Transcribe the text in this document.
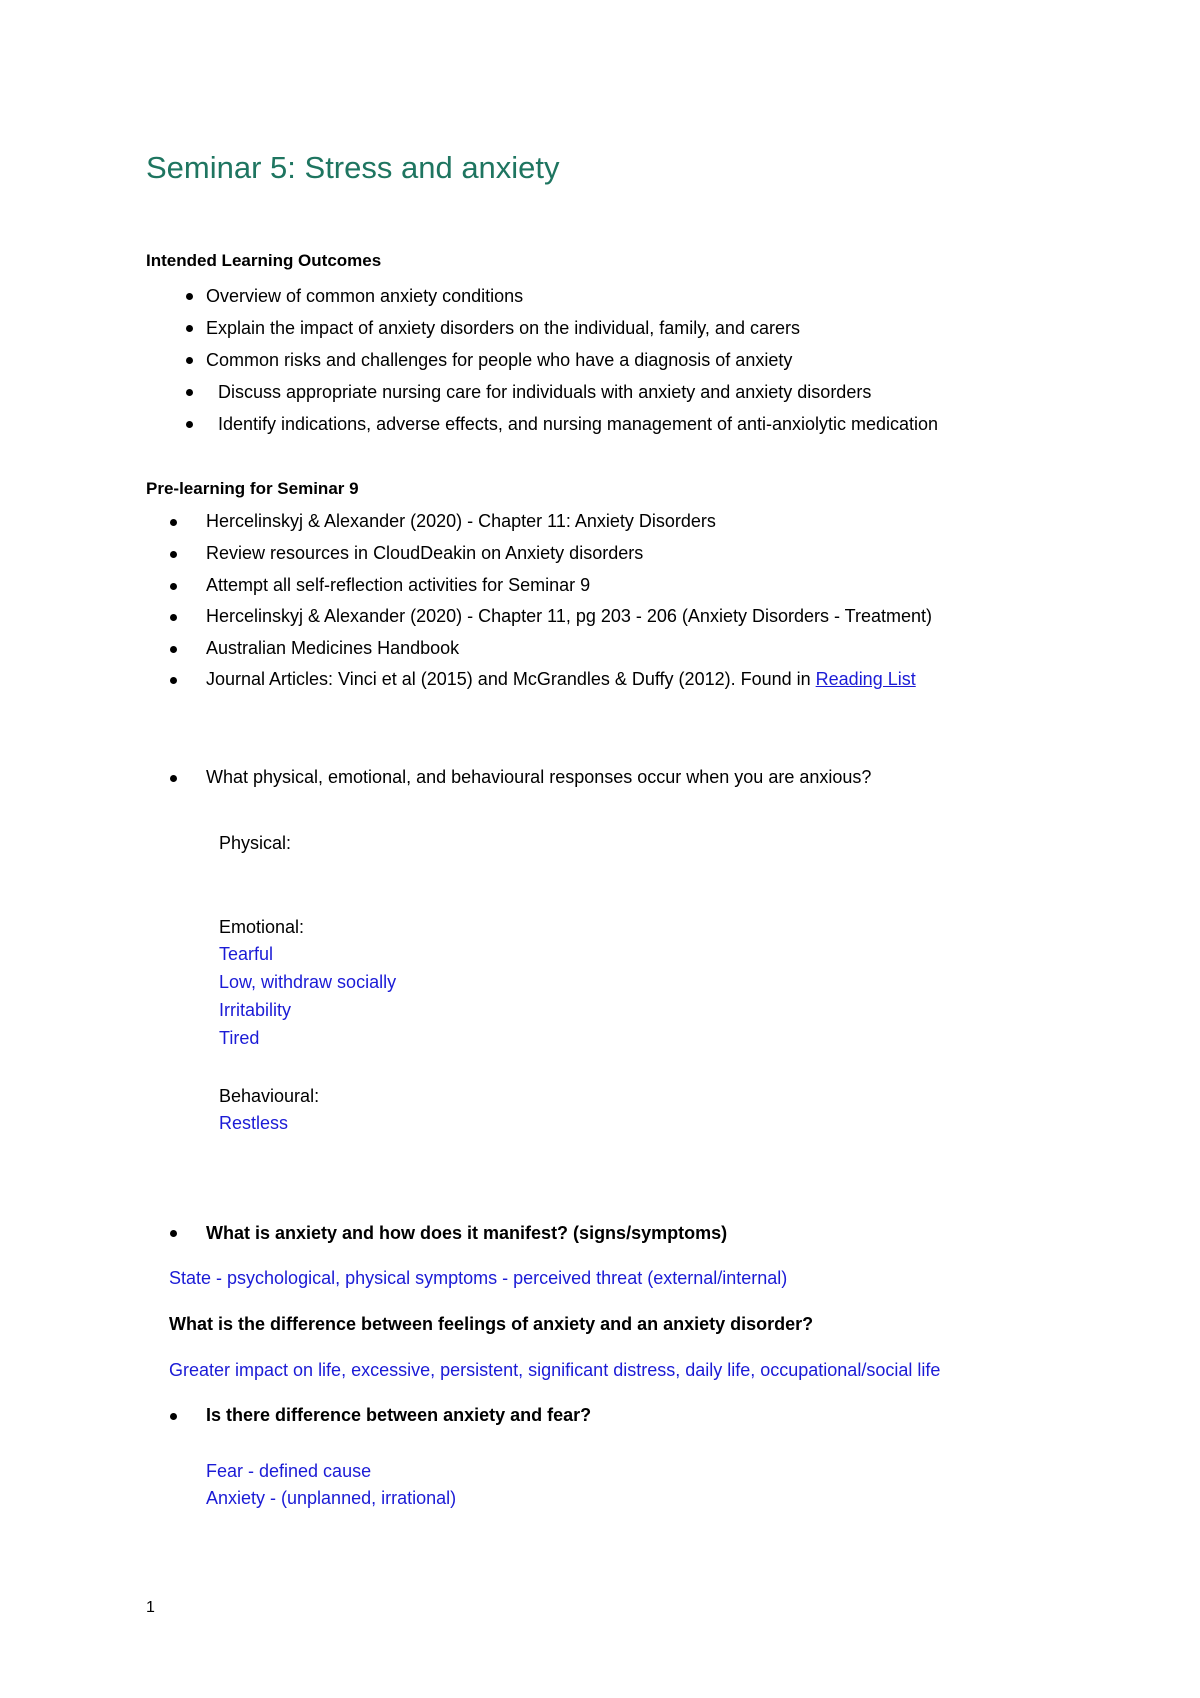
Seminar 5: Stress and anxiety
Intended Learning Outcomes
Overview of common anxiety conditions
Explain the impact of anxiety disorders on the individual, family, and carers
Common risks and challenges for people who have a diagnosis of anxiety
Discuss appropriate nursing care for individuals with anxiety and anxiety disorders
Identify indications, adverse effects, and nursing management of anti-anxiolytic medication
Pre-learning for Seminar 9
Hercelinskyj & Alexander (2020) - Chapter 11: Anxiety Disorders
Review resources in CloudDeakin on Anxiety disorders
Attempt all self-reflection activities for Seminar 9
Hercelinskyj & Alexander (2020) - Chapter 11, pg 203 - 206 (Anxiety Disorders - Treatment)
Australian Medicines Handbook
Journal Articles: Vinci et al (2015) and McGrandles & Duffy (2012). Found in Reading List
What physical, emotional, and behavioural responses occur when you are anxious?
Physical:
Emotional:
Tearful
Low, withdraw socially
Irritability
Tired
Behavioural:
Restless
What is anxiety and how does it manifest? (signs/symptoms)
State - psychological, physical symptoms - perceived threat (external/internal)
What is the difference between feelings of anxiety and an anxiety disorder?
Greater impact on life, excessive, persistent, significant distress, daily life, occupational/social life
Is there difference between anxiety and fear?
Fear - defined cause
Anxiety - (unplanned, irrational)
1
